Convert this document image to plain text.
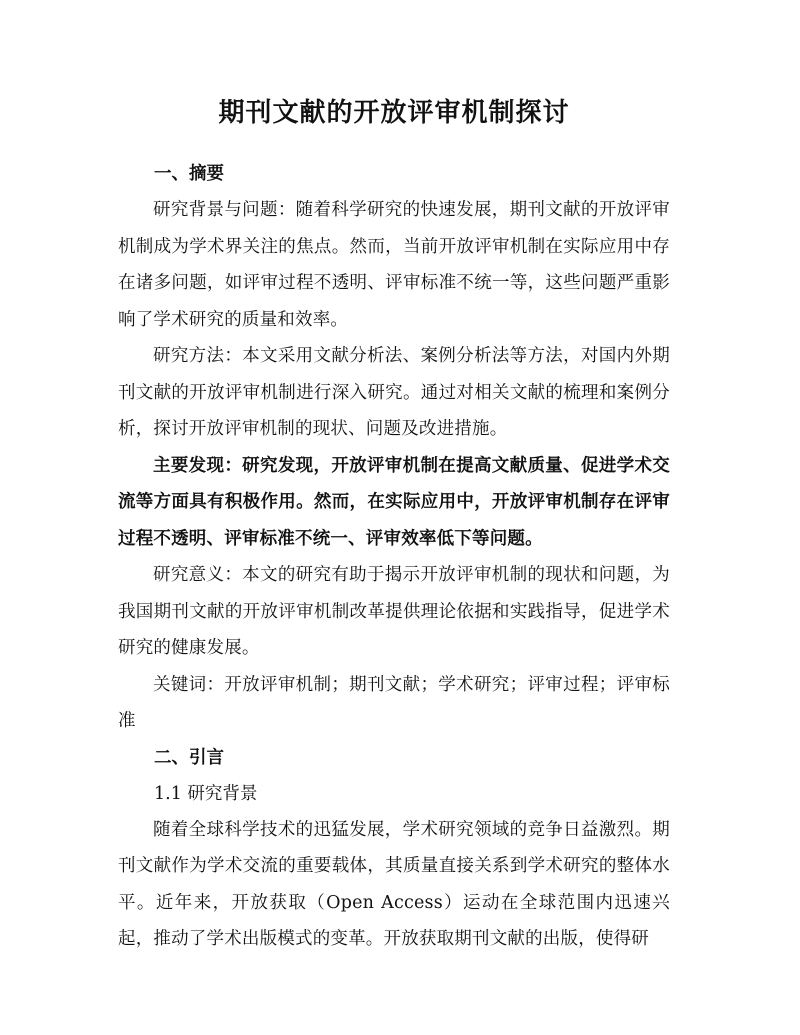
期刊文献的开放评审机制探讨
一、摘要

研究背景与问题：随着科学研究的快速发展，期刊文献的开放评审机制成为学术界关注的焦点。然而，当前开放评审机制在实际应用中存在诸多问题，如评审过程不透明、评审标准不统一等，这些问题严重影响了学术研究的质量和效率。

研究方法：本文采用文献分析法、案例分析法等方法，对国内外期刊文献的开放评审机制进行深入研究。通过对相关文献的梳理和案例分析，探讨开放评审机制的现状、问题及改进措施。

主要发现：研究发现，开放评审机制在提高文献质量、促进学术交流等方面具有积极作用。然而，在实际应用中，开放评审机制存在评审过程不透明、评审标准不统一、评审效率低下等问题。

研究意义：本文的研究有助于揭示开放评审机制的现状和问题，为我国期刊文献的开放评审机制改革提供理论依据和实践指导，促进学术研究的健康发展。

关键词：开放评审机制；期刊文献；学术研究；评审过程；评审标准

二、引言
1.1 研究背景

随着全球科学技术的迅猛发展，学术研究领域的竞争日益激烈。期刊文献作为学术交流的重要载体，其质量直接关系到学术研究的整体水平。近年来，开放获取（Open Access）运动在全球范围内迅速兴起，推动了学术出版模式的变革。开放获取期刊文献的出版，使得研
